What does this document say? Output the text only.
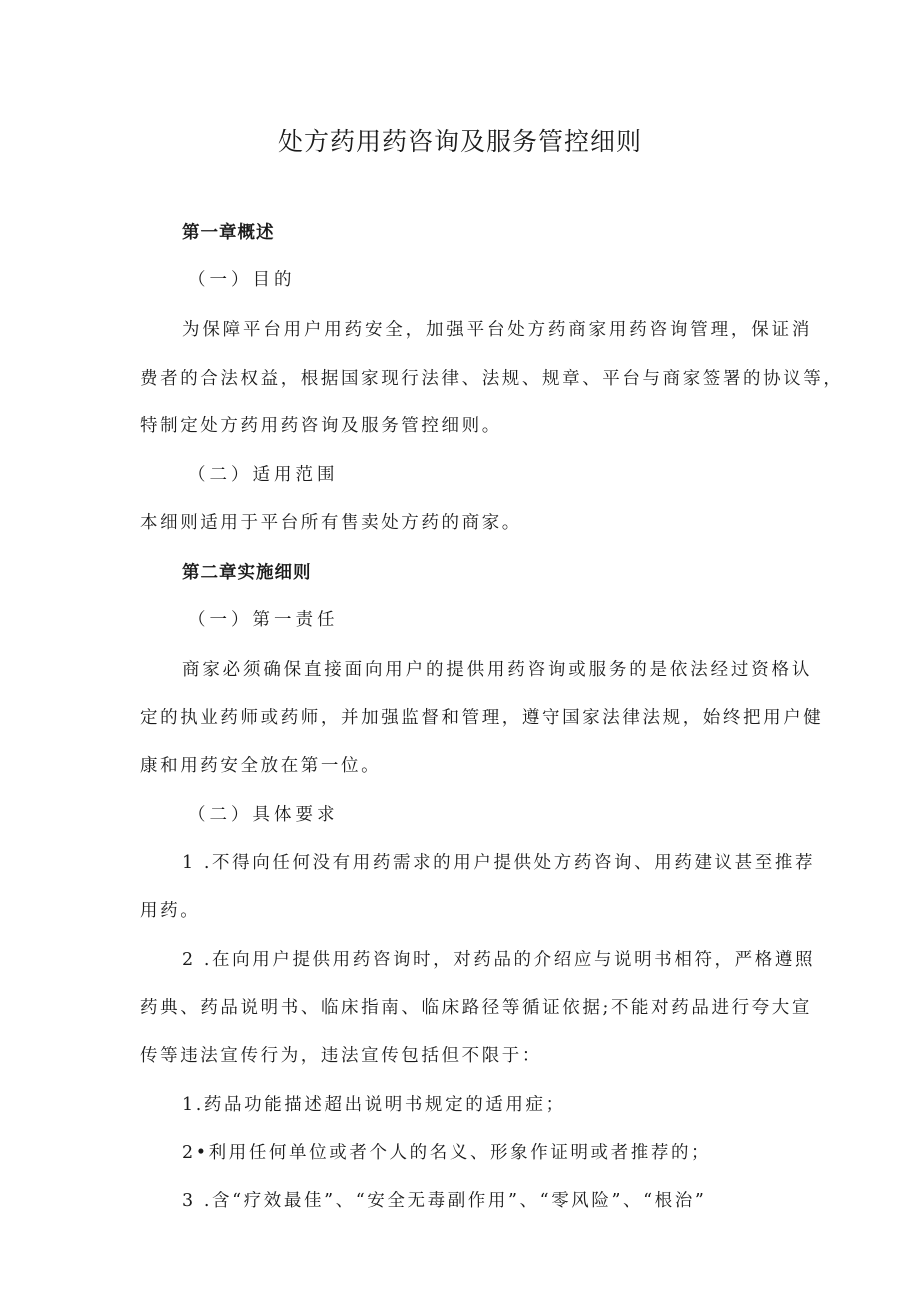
处方药用药咨询及服务管控细则
第一章概述
（一）目的
为保障平台用户用药安全，加强平台处方药商家用药咨询管理，保证消
费者的合法权益，根据国家现行法律、法规、规章、平台与商家签署的协议等，
特制定处方药用药咨询及服务管控细则。
（二）适用范围
本细则适用于平台所有售卖处方药的商家。
第二章实施细则
（一）第一责任
商家必须确保直接面向用户的提供用药咨询或服务的是依法经过资格认
定的执业药师或药师，并加强监督和管理，遵守国家法律法规，始终把用户健
康和用药安全放在第一位。
（二）具体要求
1 .不得向任何没有用药需求的用户提供处方药咨询、用药建议甚至推荐
用药。
2 .在向用户提供用药咨询时，对药品的介绍应与说明书相符，严格遵照
药典、药品说明书、临床指南、临床路径等循证依据;不能对药品进行夸大宣
传等违法宣传行为，违法宣传包括但不限于：
1.药品功能描述超出说明书规定的适用症；
2•利用任何单位或者个人的名义、形象作证明或者推荐的；
3 .含“疗效最佳”、“安全无毒副作用”、“零风险”、“根治”
